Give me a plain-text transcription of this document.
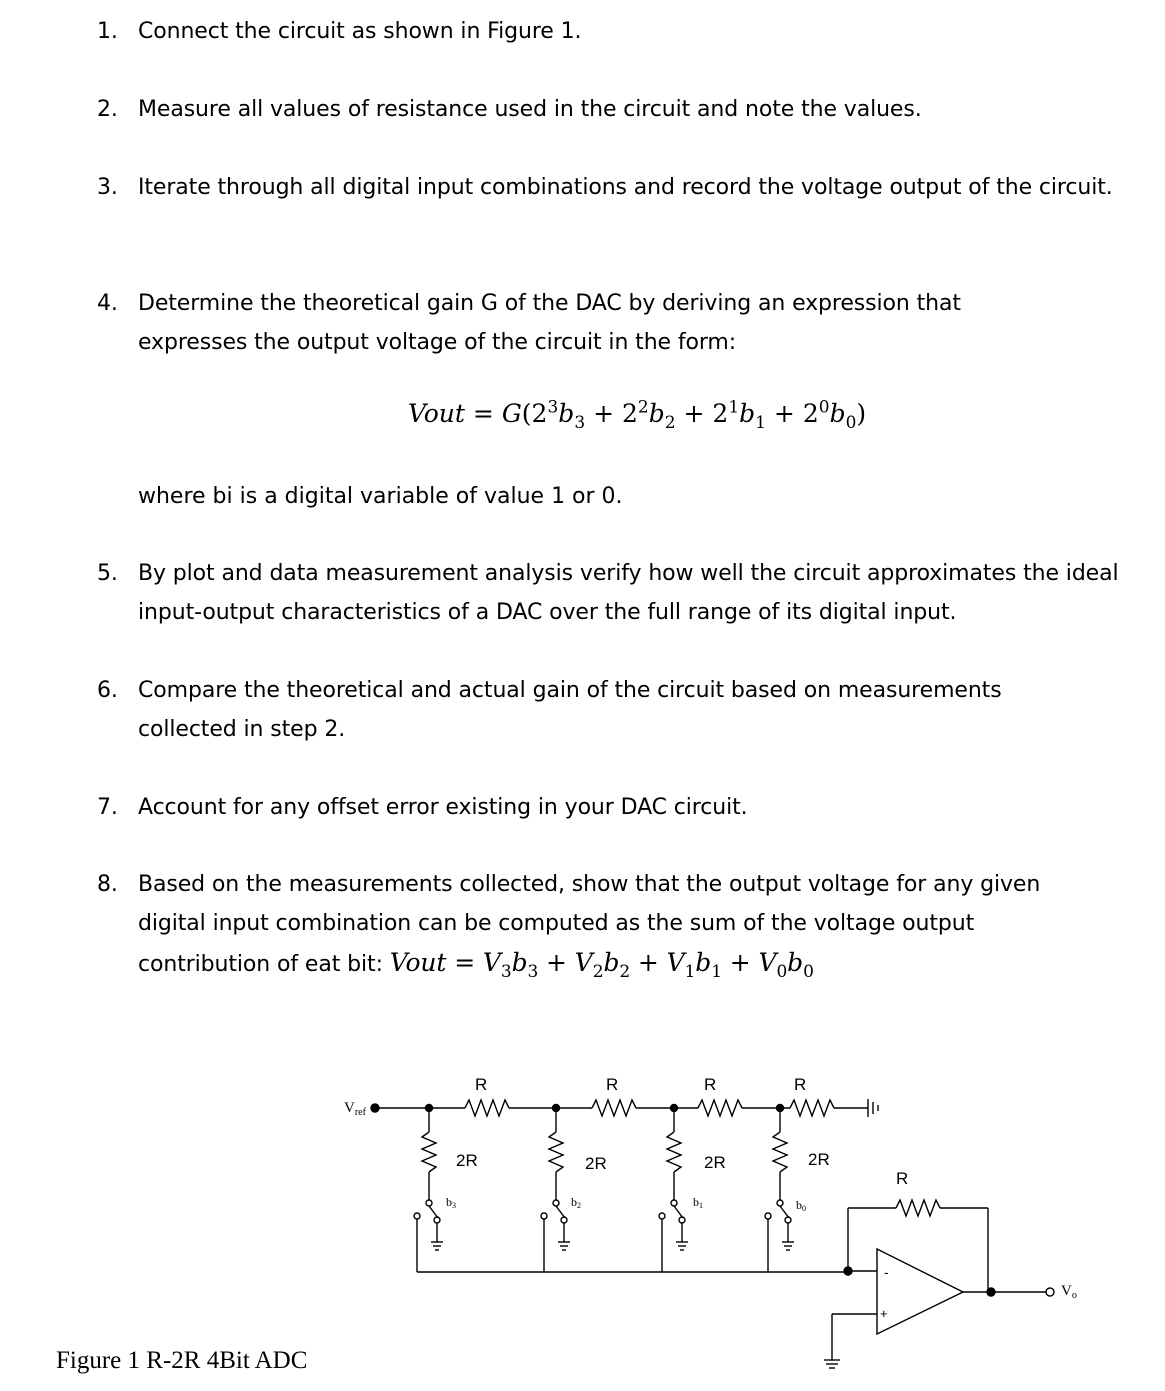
1. Connect the circuit as shown in Figure 1.
2. Measure all values of resistance used in the circuit and note the values.
3. Iterate through all digital input combinations and record the voltage output of the circuit.
4. Determine the theoretical gain G of the DAC by deriving an expression that expresses the output voltage of the circuit in the form:
Vout = $G(2^3b_3 + 2^2b_2 + 2^1b_1 + 2^0b_0)$
where bi is a digital variable of value 1 or 0.
5. By plot and data measurement analysis verify how well the circuit approximates the ideal input-output characteristics of a DAC over the full range of its digital input.
6. Compare the theoretical and actual gain of the circuit based on measurements collected in step 2.
7. Account for any offset error existing in your DAC circuit.
8. Based on the measurements collected, show that the output voltage for any given digital input combination can be computed as the sum of the voltage output contribution of eat bit: Vout = $V_3b_3 + V_2b_2 + V_1b_1 + V_0b_0$
$V_{ref}$
R	R	R	R
2R	2R	2R	2R
b3	b2	b1	b0
R
-
+
$V_o$
Figure 1 R-2R 4Bit ADC
